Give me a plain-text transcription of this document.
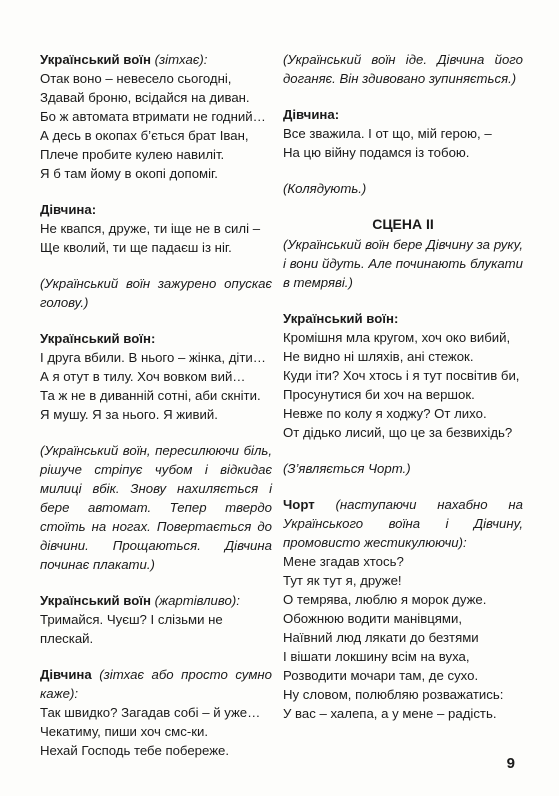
Український воїн (зітхає):
Отак воно – невесело сьогодні,
Здавай броню, всідайся на диван.
Бо ж автомата втримати не годний…
А десь в окопах б’ється брат Іван,
Плече пробите кулею навиліт.
Я б там йому в окопі допоміг.
Дівчина:
Не квапся, друже, ти іще не в силі –
Ще кволий, ти ще падаєш із ніг.
(Український воїн зажурено опускає голову.)
Український воїн:
І друга вбили. В нього – жінка, діти…
А я отут в тилу. Хоч вовком вий…
Та ж не в диванній сотні, аби скніти.
Я мушу. Я за нього. Я живий.
(Український воїн, пересилюючи біль, рішуче стріпує чубом і відкидає милиці вбік. Знову нахиляється і бере автомат. Тепер твердо стоїть на ногах. Повертається до дівчини. Прощаються. Дівчина починає плакати.)
Український воїн (жартівливо):
Тримайся. Чуєш? І слізьми не плескай.
Дівчина (зітхає або просто сумно каже):
Так швидко? Загадав собі – й уже…
Чекатиму, пиши хоч смс-ки.
Нехай Господь тебе побереже.
(Український воїн іде. Дівчина його доганяє. Він здивовано зупиняється.)
Дівчина:
Все зважила. І от що, мій герою, –
На цю війну подамся із тобою.
(Колядують.)
СЦЕНА ІІ
(Український воїн бере Дівчину за руку, і вони йдуть. Але починають блукати в темряві.)
Український воїн:
Кромішня мла кругом, хоч око вибий,
Не видно ні шляхів, ані стежок.
Куди іти? Хоч хтось і я тут посвітив би,
Просунутися би хоч на вершок.
Невже по колу я ходжу? От лихо.
От дідько лисий, що це за безвихідь?
(З’являється Чорт.)
Чорт (наступаючи нахабно на Українського воїна і Дівчину, промовисто жестикулюючи):
Мене згадав хтось?
Тут як тут я, друже!
О темрява, люблю я морок дуже.
Обожнюю водити манівцями,
Наївний люд лякати до безтями
І вішати локшину всім на вуха,
Розводити мочари там, де сухо.
Ну словом, полюбляю розважатись:
У вас – халепа, а у мене – радість.
9
